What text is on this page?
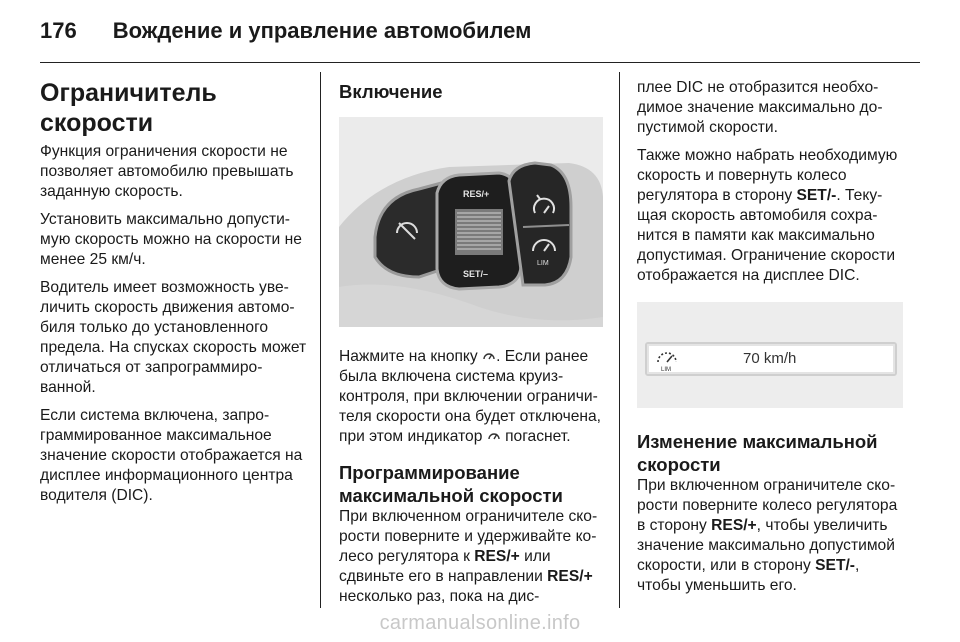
176 Вождение и управление автомобилем
Ограничитель скорости

Функция ограничения скорости не позволяет автомобилю превышать заданную скорость.

Установить максимально допустимую скорость можно на скорости не менее 25 км/ч.

Водитель имеет возможность увеличить скорость движения автомобиля только до установленного предела. На спусках скорость может отличаться от запрограммированной.

Если система включена, запрограммированное максимальное значение скорости отображается на дисплее информационного центра водителя (DIC).

Включение
RES/+
SET/–
LIM

Нажмите на кнопку . Если ранее была включена система круиз-контроля, при включении ограничителя скорости она будет отключена, при этом индикатор погаснет.

Программирование максимальной скорости

При включенном ограничителе скорости поверните и удерживайте колесо регулятора к RES/+ или сдвиньте его в направлении RES/+ несколько раз, пока на дис-

плее DIC не отобразится необходимое значение максимально допустимой скорости.

Также можно набрать необходимую скорость и повернуть колесо регулятора в сторону SET/-. Текущая скорость автомобиля сохранится в памяти как максимально допустимая. Ограничение скорости отображается на дисплее DIC.

LIM
70 km/h
Изменение максимальной скорости

При включенном ограничителе скорости поверните колесо регулятора в сторону RES/+, чтобы увеличить значение максимально допустимой скорости, или в сторону SET/-, чтобы уменьшить его.

carmanualsonline.info
